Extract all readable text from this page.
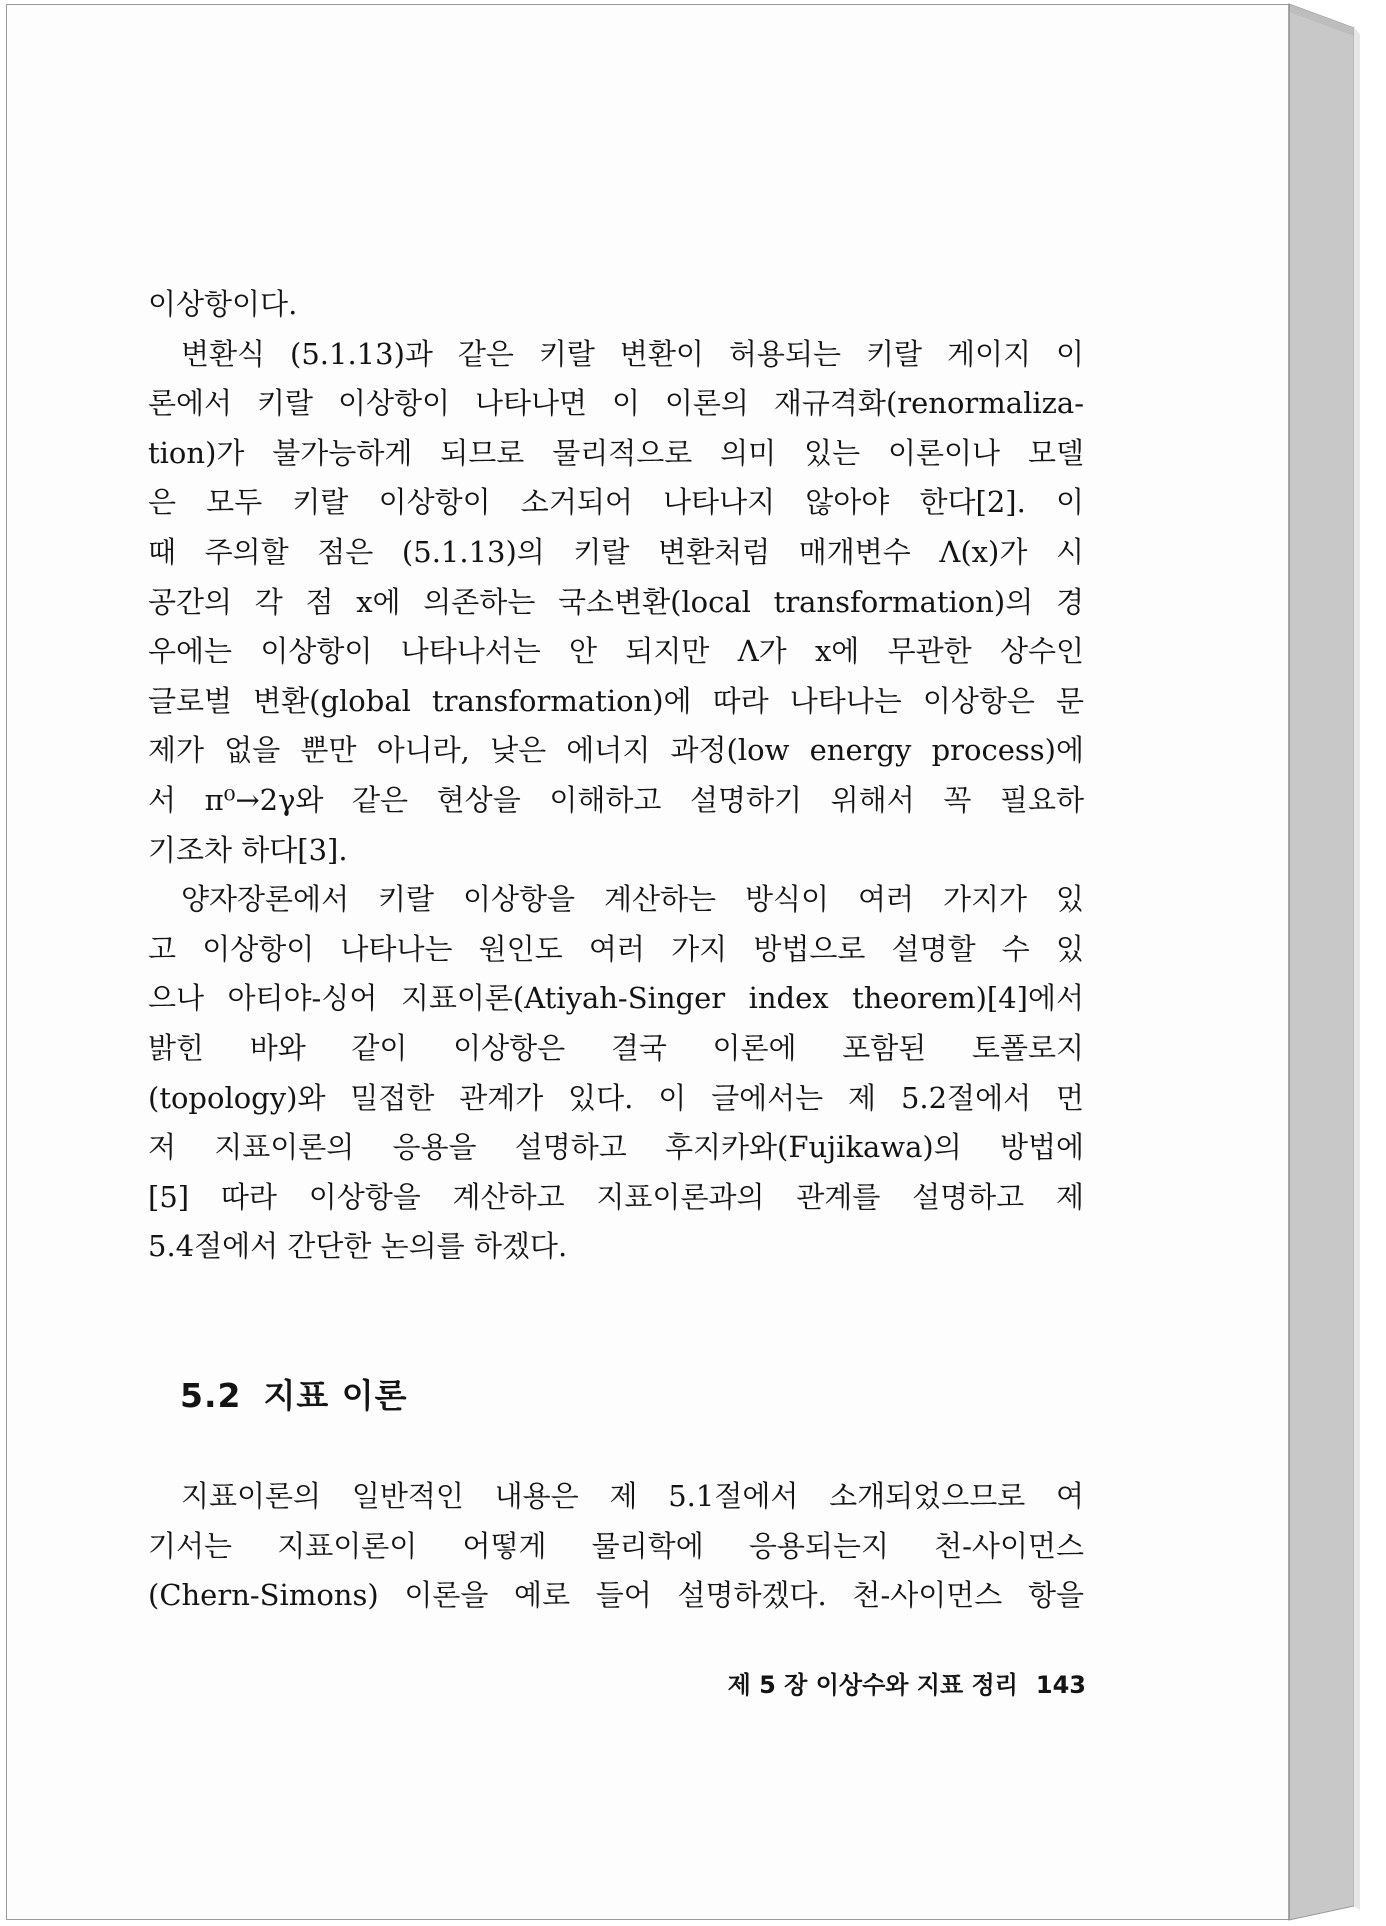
이상항이다.
변환식 (5.1.13)과 같은 키랄 변환이 허용되는 키랄 게이지 이
론에서 키랄 이상항이 나타나면 이 이론의 재규격화(renormaliza-
tion)가 불가능하게 되므로 물리적으로 의미 있는 이론이나 모델
은 모두 키랄 이상항이 소거되어 나타나지 않아야 한다[2]. 이
때 주의할 점은 (5.1.13)의 키랄 변환처럼 매개변수 Λ(x)가 시
공간의 각 점 x에 의존하는 국소변환(local transformation)의 경
우에는 이상항이 나타나서는 안 되지만 Λ가 x에 무관한 상수인
글로벌 변환(global transformation)에 따라 나타나는 이상항은 문
제가 없을 뿐만 아니라, 낮은 에너지 과정(low energy process)에
서 π⁰→2γ와 같은 현상을 이해하고 설명하기 위해서 꼭 필요하
기조차 하다[3].
양자장론에서 키랄 이상항을 계산하는 방식이 여러 가지가 있
고 이상항이 나타나는 원인도 여러 가지 방법으로 설명할 수 있
으나 아티야-싱어 지표이론(Atiyah-Singer index theorem)[4]에서
밝힌 바와 같이 이상항은 결국 이론에 포함된 토폴로지
(topology)와 밀접한 관계가 있다. 이 글에서는 제 5.2절에서 먼
저 지표이론의 응용을 설명하고 후지카와(Fujikawa)의 방법에
[5] 따라 이상항을 계산하고 지표이론과의 관계를 설명하고 제
5.4절에서 간단한 논의를 하겠다.
5.2 지표 이론
지표이론의 일반적인 내용은 제 5.1절에서 소개되었으므로 여
기서는 지표이론이 어떻게 물리학에 응용되는지 천-사이먼스
(Chern-Simons) 이론을 예로 들어 설명하겠다. 천-사이먼스 항을
제 5 장 이상수와 지표 정리 143
